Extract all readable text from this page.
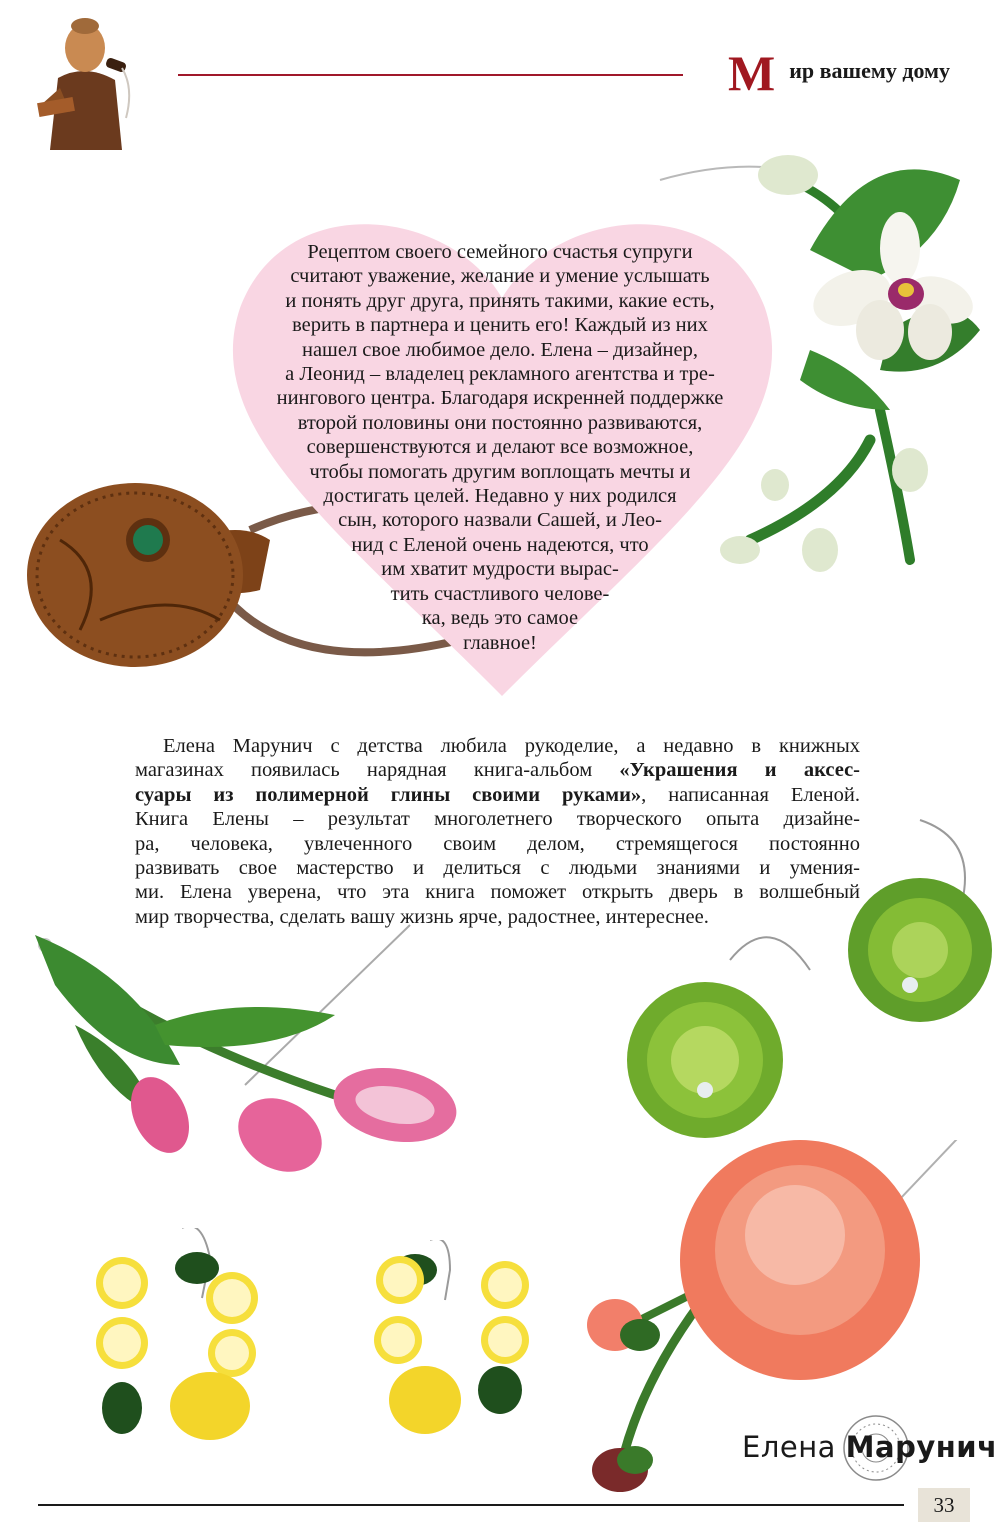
Мир вашему дому
Рецептом своего семейного счастья супруги
считают уважение, желание и умение услышать
и понять друг друга, принять такими, какие есть,
верить в партнера и ценить его! Каждый из них
нашел свое любимое дело. Елена – дизайнер,
а Леонид – владелец рекламного агентства и тре-
нингового центра. Благодаря искренней поддержке
второй половины они постоянно развиваются,
совершенствуются и делают все возможное,
чтобы помогать другим воплощать мечты и
достигать целей. Недавно у них родился
сын, которого назвали Сашей, и Лео-
нид с Еленой очень надеются, что
им хватит мудрости вырас-
тить счастливого челове-
ка, ведь это самое
главное!
Елена Марунич с детства любила рукоделие, а недавно в книжных
магазинах появилась нарядная книга-альбом «Украшения и аксес-
суары из полимерной глины своими руками», написанная Еленой.
Книга Елены – результат многолетнего творческого опыта дизайне-
ра, человека, увлеченного своим делом, стремящегося постоянно
развивать свое мастерство и делиться с людьми знаниями и умения-
ми. Елена уверена, что эта книга поможет открыть дверь в волшебный
мир творчества, сделать вашу жизнь ярче, радостнее, интереснее.
Елена Марунич
33
